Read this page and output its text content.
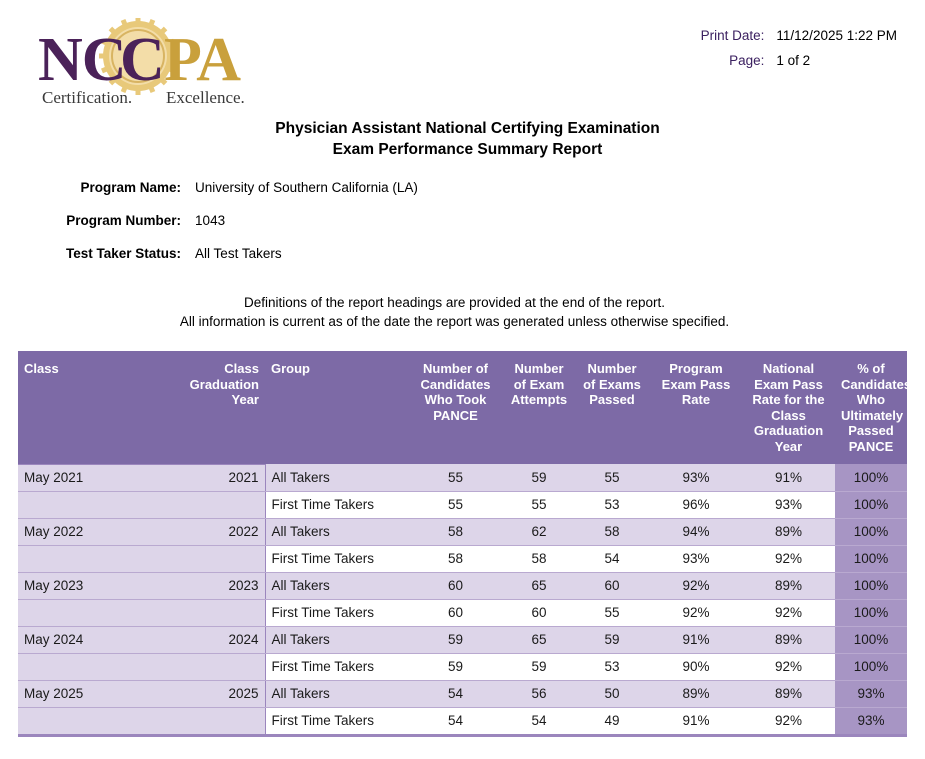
NC
C PA
Certification. Excellence.
Print Date:	11/12/2025 1:22 PM
Page:	1 of 2
Physician Assistant National Certifying Examination
Exam Performance Summary Report
Program Name:	University of Southern California (LA)
Program Number:	1043
Test Taker Status:	All Test Takers
Definitions of the report headings are provided at the end of the report.
All information is current as of the date the report was generated unless otherwise specified.
Class	Class Graduation Year	Group	Number of Candidates Who Took PANCE	Number of Exam Attempts	Number of Exams Passed	Program Exam Pass Rate	National Exam Pass Rate for the Class Graduation Year	% of Candidates Who Ultimately Passed PANCE
May 2021	2021	All Takers	55	59	55	93%	91%	100%
		First Time Takers	55	55	53	96%	93%	100%
May 2022	2022	All Takers	58	62	58	94%	89%	100%
		First Time Takers	58	58	54	93%	92%	100%
May 2023	2023	All Takers	60	65	60	92%	89%	100%
		First Time Takers	60	60	55	92%	92%	100%
May 2024	2024	All Takers	59	65	59	91%	89%	100%
		First Time Takers	59	59	53	90%	92%	100%
May 2025	2025	All Takers	54	56	50	89%	89%	93%
		First Time Takers	54	54	49	91%	92%	93%
